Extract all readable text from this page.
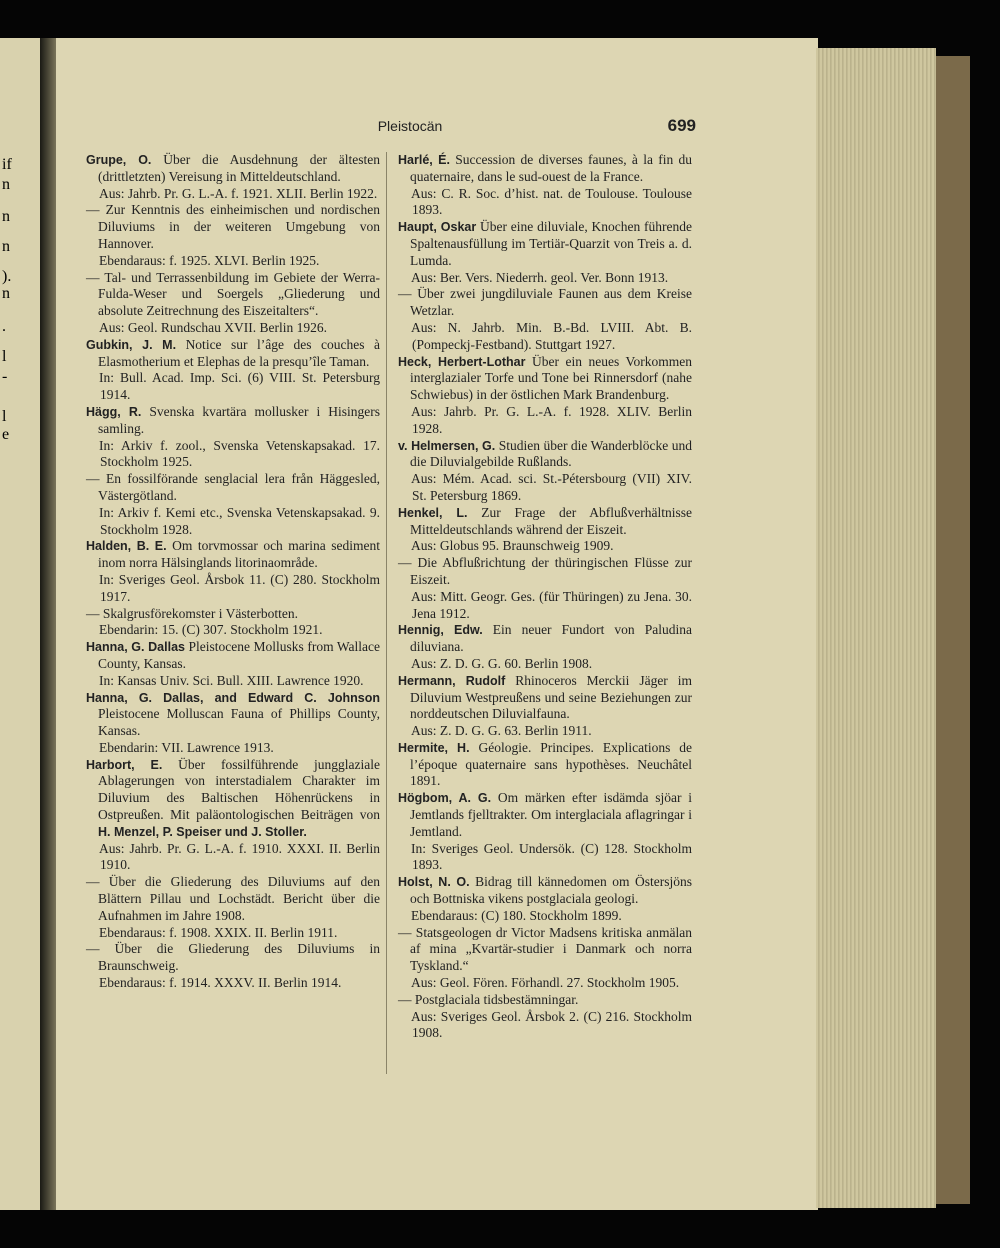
if
n
n
n
).
n
.
l
-
l
e
Pleistocän	699
Grupe, O. Über die Ausdehnung der ältesten (drittletzten) Vereisung in Mitteldeutschland.
Aus: Jahrb. Pr. G. L.-A. f. 1921. XLII. Berlin 1922.
— Zur Kenntnis des einheimischen und nordischen Diluviums in der weiteren Umgebung von Hannover.
Ebendaraus: f. 1925. XLVI. Berlin 1925.
— Tal- und Terrassenbildung im Gebiete der Werra-Fulda-Weser und Soergels „Gliederung und absolute Zeitrechnung des Eiszeitalters“.
Aus: Geol. Rundschau XVII. Berlin 1926.
Gubkin, J. M. Notice sur l’âge des couches à Elasmotherium et Elephas de la presqu’île Taman.
In: Bull. Acad. Imp. Sci. (6) VIII. St. Petersburg 1914.
Hägg, R. Svenska kvartära mollusker i Hisingers samling.
In: Arkiv f. zool., Svenska Vetenskapsakad. 17. Stockholm 1925.
— En fossilförande senglacial lera från Häggesled, Västergötland.
In: Arkiv f. Kemi etc., Svenska Vetenskapsakad. 9. Stockholm 1928.
Halden, B. E. Om torvmossar och marina sediment inom norra Hälsinglands litorinaområde.
In: Sveriges Geol. Årsbok 11. (C) 280. Stockholm 1917.
— Skalgrusförekomster i Västerbotten.
Ebendarin: 15. (C) 307. Stockholm 1921.
Hanna, G. Dallas Pleistocene Mollusks from Wallace County, Kansas.
In: Kansas Univ. Sci. Bull. XIII. Lawrence 1920.
Hanna, G. Dallas, and Edward C. Johnson Pleistocene Molluscan Fauna of Phillips County, Kansas.
Ebendarin: VII. Lawrence 1913.
Harbort, E. Über fossilführende jungglaziale Ablagerungen von interstadialem Charakter im Diluvium des Baltischen Höhenrückens in Ostpreußen. Mit paläontologischen Beiträgen von H. Menzel, P. Speiser und J. Stoller.
Aus: Jahrb. Pr. G. L.-A. f. 1910. XXXI. II. Berlin 1910.
— Über die Gliederung des Diluviums auf den Blättern Pillau und Lochstädt. Bericht über die Aufnahmen im Jahre 1908.
Ebendaraus: f. 1908. XXIX. II. Berlin 1911.
— Über die Gliederung des Diluviums in Braunschweig.
Ebendaraus: f. 1914. XXXV. II. Berlin 1914.
Harlé, É. Succession de diverses faunes, à la fin du quaternaire, dans le sud-ouest de la France.
Aus: C. R. Soc. d’hist. nat. de Toulouse. Toulouse 1893.
Haupt, Oskar Über eine diluviale, Knochen führende Spaltenausfüllung im Tertiär-Quarzit von Treis a. d. Lumda.
Aus: Ber. Vers. Niederrh. geol. Ver. Bonn 1913.
— Über zwei jungdiluviale Faunen aus dem Kreise Wetzlar.
Aus: N. Jahrb. Min. B.-Bd. LVIII. Abt. B. (Pompeckj-Festband). Stuttgart 1927.
Heck, Herbert-Lothar Über ein neues Vorkommen interglazialer Torfe und Tone bei Rinnersdorf (nahe Schwiebus) in der östlichen Mark Brandenburg.
Aus: Jahrb. Pr. G. L.-A. f. 1928. XLIV. Berlin 1928.
v. Helmersen, G. Studien über die Wanderblöcke und die Diluvialgebilde Rußlands.
Aus: Mém. Acad. sci. St.-Pétersbourg (VII) XIV. St. Petersburg 1869.
Henkel, L. Zur Frage der Abflußverhältnisse Mitteldeutschlands während der Eiszeit.
Aus: Globus 95. Braunschweig 1909.
— Die Abflußrichtung der thüringischen Flüsse zur Eiszeit.
Aus: Mitt. Geogr. Ges. (für Thüringen) zu Jena. 30. Jena 1912.
Hennig, Edw. Ein neuer Fundort von Paludina diluviana.
Aus: Z. D. G. G. 60. Berlin 1908.
Hermann, Rudolf Rhinoceros Merckii Jäger im Diluvium Westpreußens und seine Beziehungen zur norddeutschen Diluvialfauna.
Aus: Z. D. G. G. 63. Berlin 1911.
Hermite, H. Géologie. Principes. Explications de l’époque quaternaire sans hypothèses. Neuchâtel 1891.
Högbom, A. G. Om märken efter isdämda sjöar i Jemtlands fjelltrakter. Om interglaciala aflagringar i Jemtland.
In: Sveriges Geol. Undersök. (C) 128. Stockholm 1893.
Holst, N. O. Bidrag till kännedomen om Östersjöns och Bottniska vikens postglaciala geologi.
Ebendaraus: (C) 180. Stockholm 1899.
— Statsgeologen dr Victor Madsens kritiska anmälan af mina „Kvartär-studier i Danmark och norra Tyskland.“
Aus: Geol. Fören. Förhandl. 27. Stockholm 1905.
— Postglaciala tidsbestämningar.
Aus: Sveriges Geol. Årsbok 2. (C) 216. Stockholm 1908.
